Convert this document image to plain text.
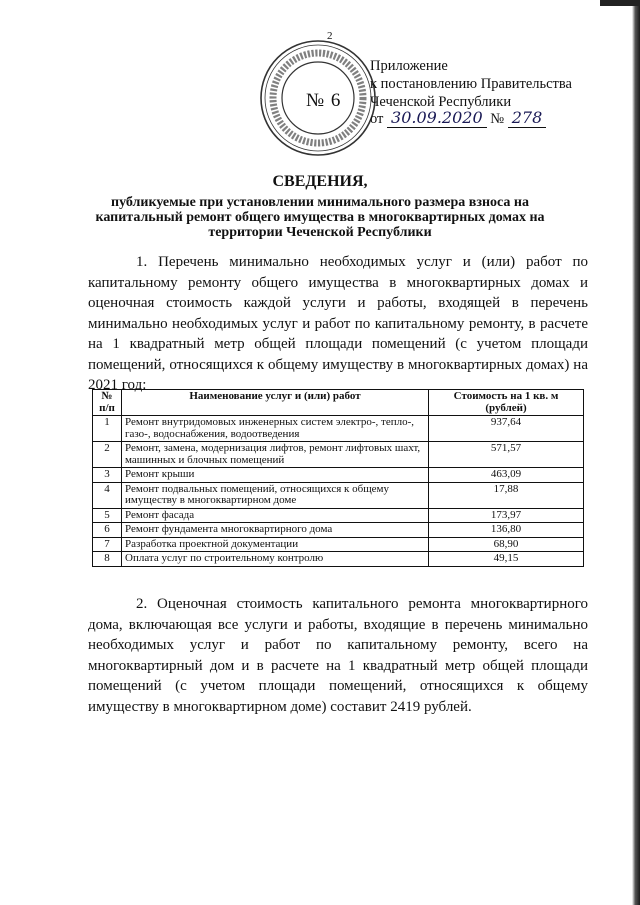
2
№ 6
Приложение
к постановлению Правительства
Чеченской Республики
от 30.09.2020 № 278
СВЕДЕНИЯ,
публикуемые при установлении минимального размера взноса на капитальный ремонт общего имущества в многоквартирных домах на территории Чеченской Республики
1. Перечень минимально необходимых услуг и (или) работ по капитальному ремонту общего имущества в многоквартирных домах и оценочная стоимость каждой услуги и работы, входящей в перечень минимально необходимых услуг и работ по капитальному ремонту, в расчете на 1 квадратный метр общей площади помещений (с учетом площади помещений, относящихся к общему имуществу в многоквартирных домах) на 2021 год:
№ п/п	Наименование услуг и (или) работ	Стоимость на 1 кв. м (рублей)
1	Ремонт внутридомовых инженерных систем электро-, тепло-, газо-, водоснабжения, водоотведения	937,64
2	Ремонт, замена, модернизация лифтов, ремонт лифтовых шахт, машинных и блочных помещений	571,57
3	Ремонт крыши	463,09
4	Ремонт подвальных помещений, относящихся к общему имуществу в многоквартирном доме	17,88
5	Ремонт фасада	173,97
6	Ремонт фундамента многоквартирного дома	136,80
7	Разработка проектной документации	68,90
8	Оплата услуг по строительному контролю	49,15
2. Оценочная стоимость капитального ремонта многоквартирного дома, включающая все услуги и работы, входящие в перечень минимально необходимых услуг и работ по капитальному ремонту, всего на многоквартирный дом и в расчете на 1 квадратный метр общей площади помещений (с учетом площади помещений, относящихся к общему имуществу в многоквартирном доме) составит 2419 рублей.
